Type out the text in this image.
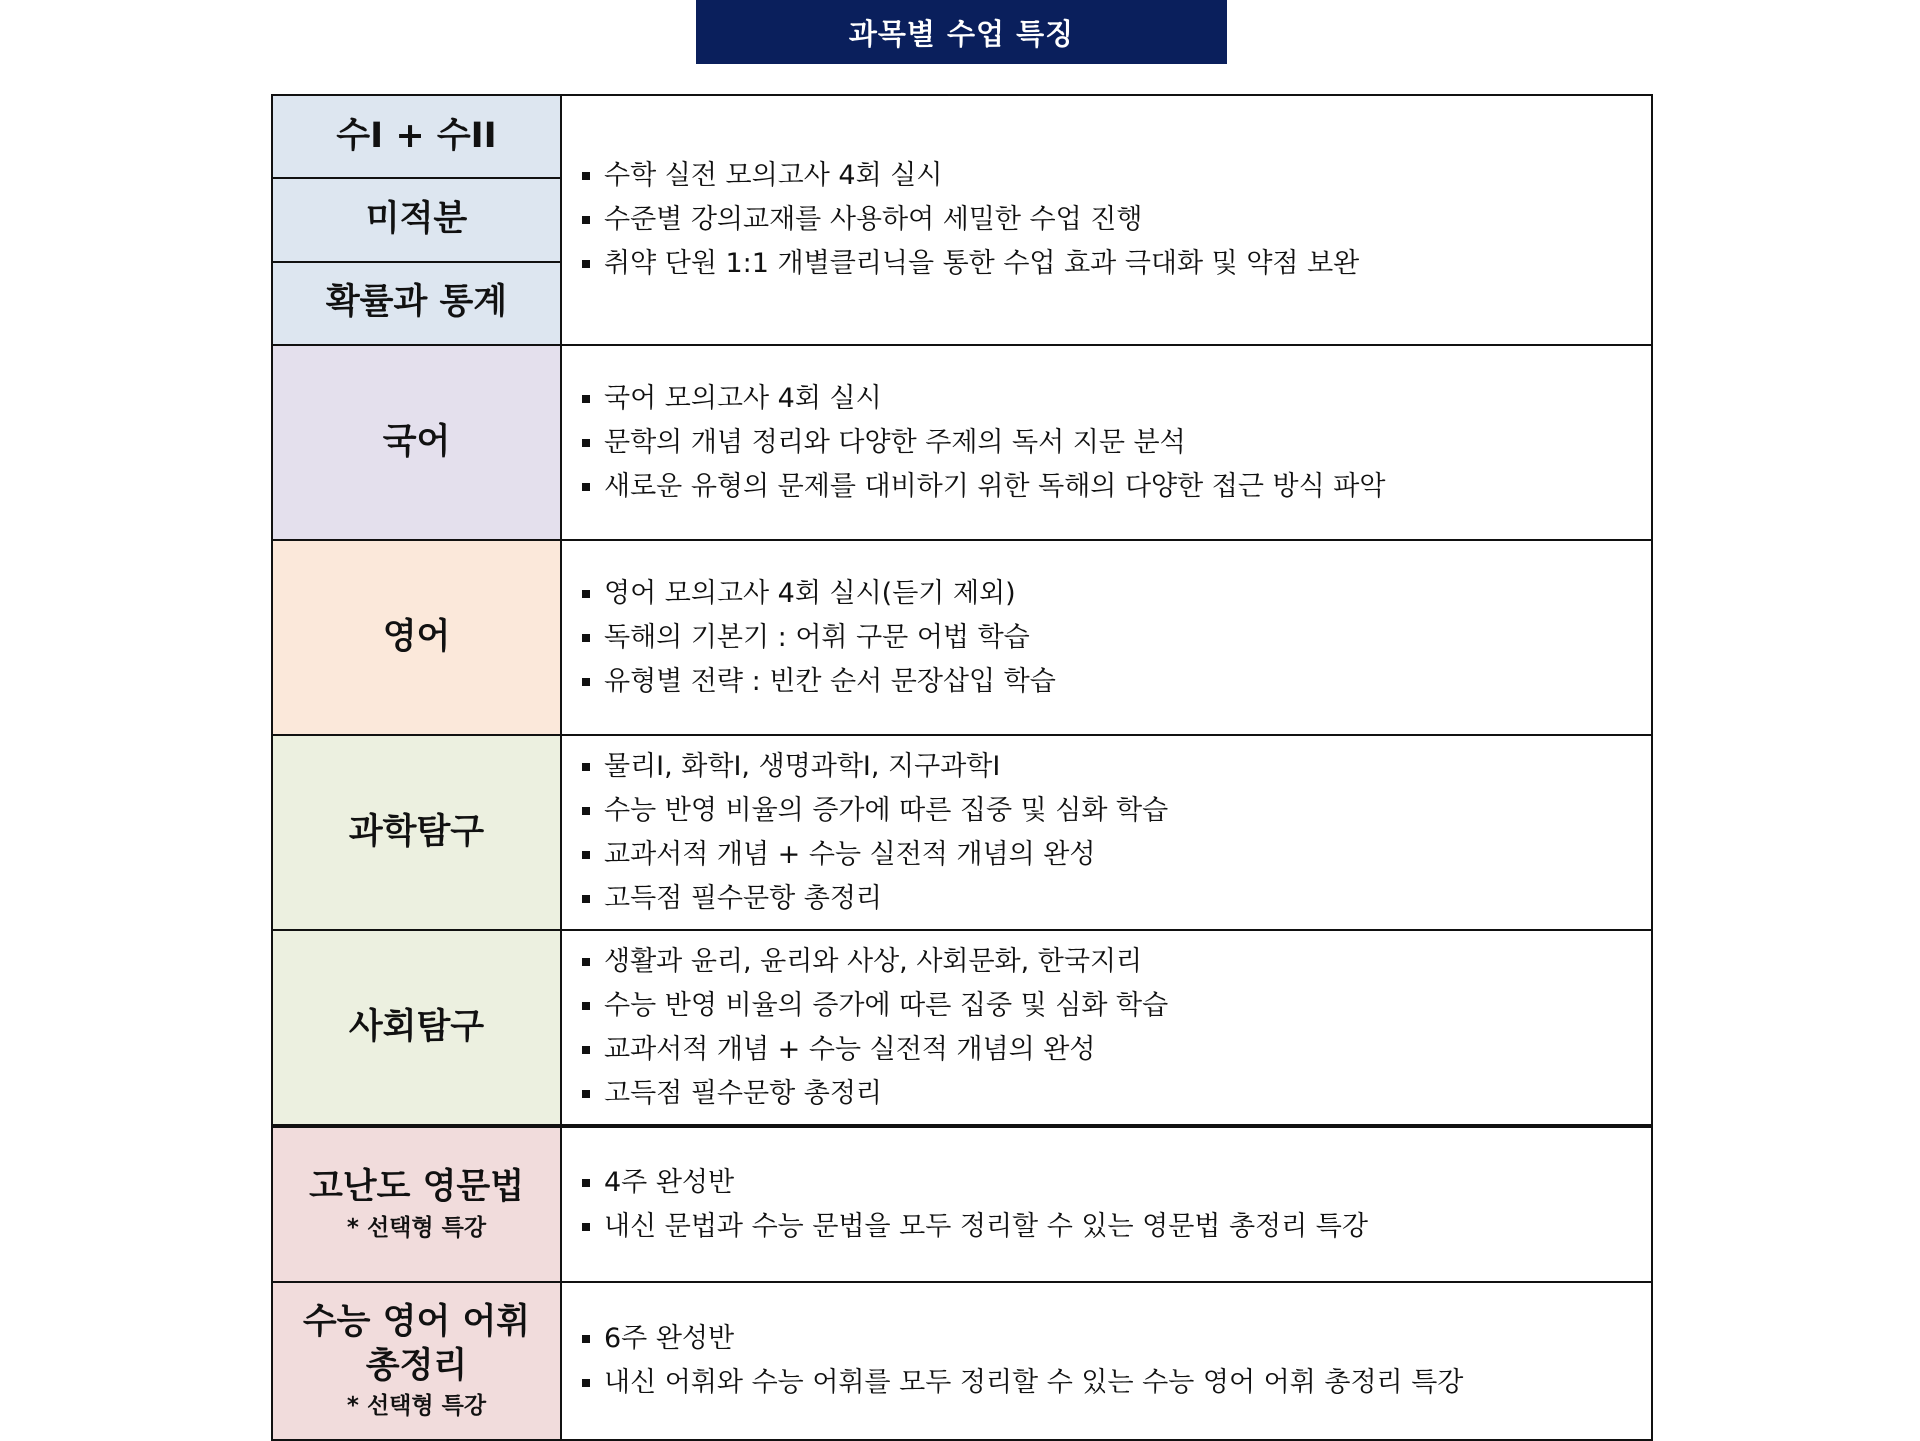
과목별 수업 특징
수I + 수II
미적분
확률과 통계
수학 실전 모의고사 4회 실시
수준별 강의교재를 사용하여 세밀한 수업 진행
취약 단원 1:1 개별클리닉을 통한 수업 효과 극대화 및 약점 보완
국어
국어 모의고사 4회 실시
문학의 개념 정리와 다양한 주제의 독서 지문 분석
새로운 유형의 문제를 대비하기 위한 독해의 다양한 접근 방식 파악
영어
영어 모의고사 4회 실시(듣기 제외)
독해의 기본기 : 어휘 구문 어법 학습
유형별 전략 : 빈칸 순서 문장삽입 학습
과학탐구
물리I, 화학I, 생명과학I, 지구과학I
수능 반영 비율의 증가에 따른 집중 및 심화 학습
교과서적 개념 + 수능 실전적 개념의 완성
고득점 필수문항 총정리
사회탐구
생활과 윤리, 윤리와 사상, 사회문화, 한국지리
수능 반영 비율의 증가에 따른 집중 및 심화 학습
교과서적 개념 + 수능 실전적 개념의 완성
고득점 필수문항 총정리
고난도 영문법
* 선택형 특강
4주 완성반
내신 문법과 수능 문법을 모두 정리할 수 있는 영문법 총정리 특강
수능 영어 어휘
총정리
* 선택형 특강
6주 완성반
내신 어휘와 수능 어휘를 모두 정리할 수 있는 수능 영어 어휘 총정리 특강
